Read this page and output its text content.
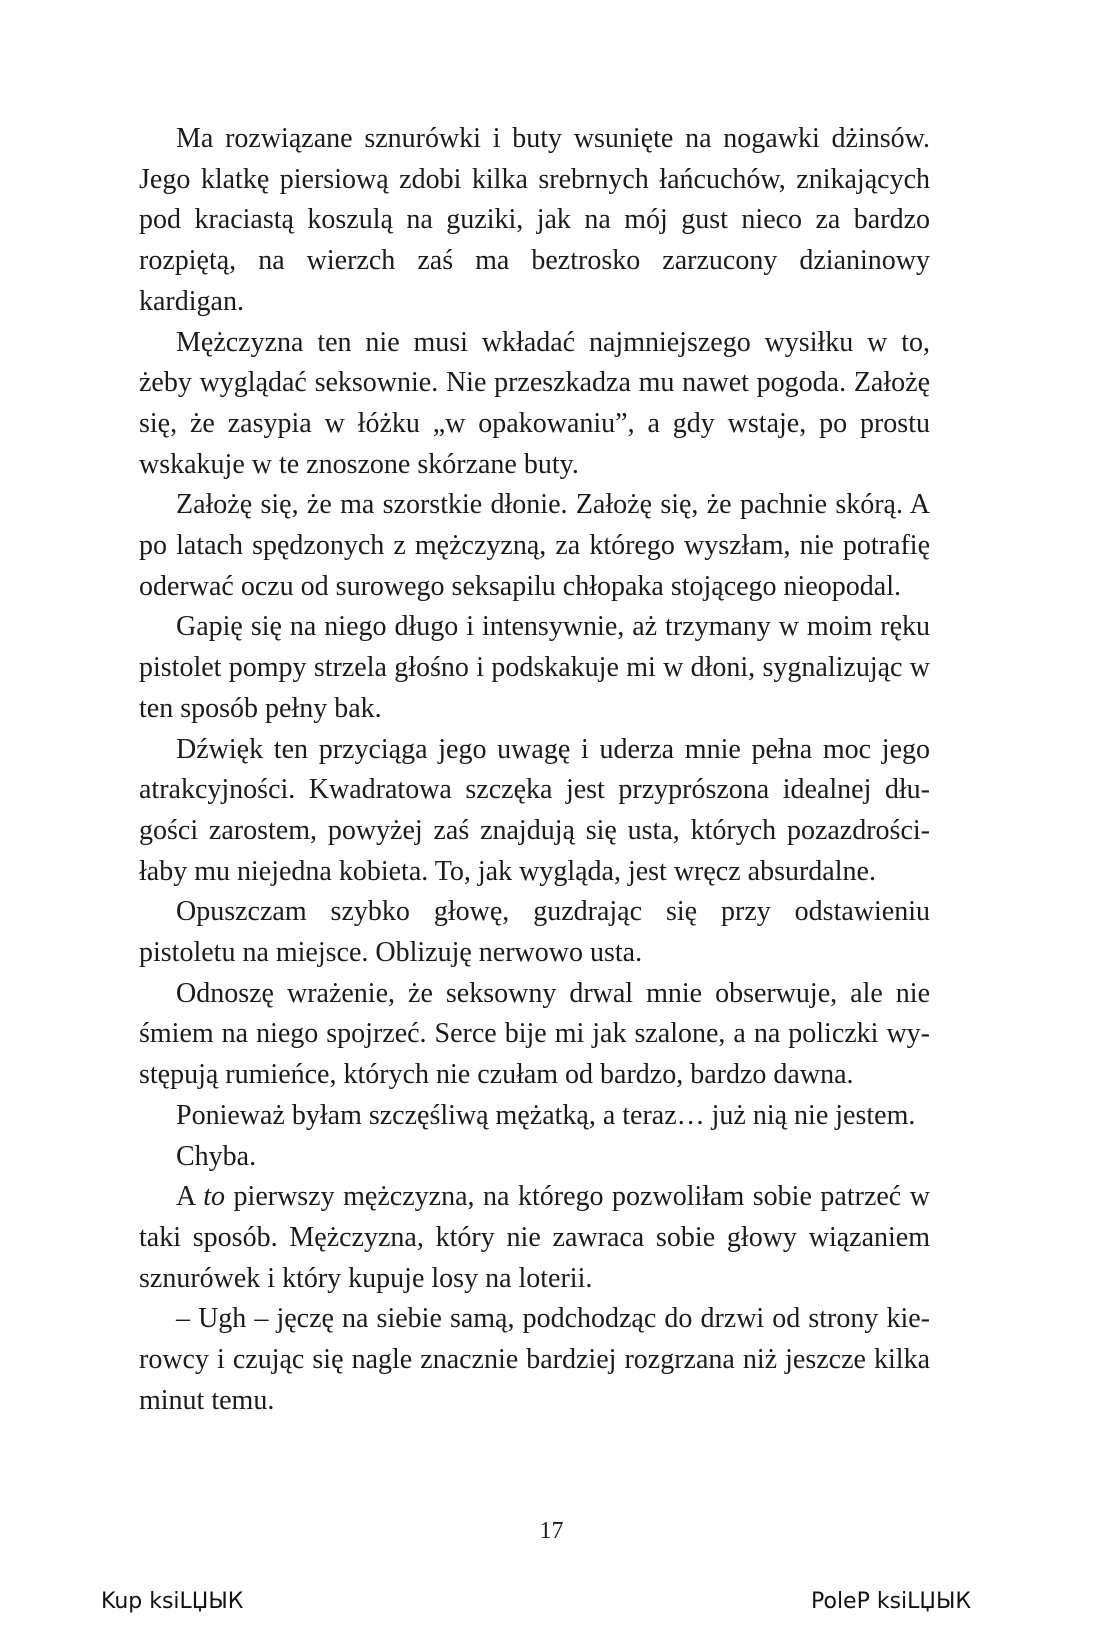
Ma rozwiązane sznurówki i buty wsunięte na nogawki dżinsów. Jego klatkę piersiową zdobi kilka srebrnych łańcuchów, znikających pod kraciastą koszulą na guziki, jak na mój gust nieco za bardzo rozpiętą, na wierzch zaś ma beztrosko zarzucony dzianinowy kardigan.

Mężczyzna ten nie musi wkładać najmniejszego wysiłku w to, żeby wyglądać seksownie. Nie przeszkadza mu nawet pogoda. Założę się, że zasypia w łóżku „w opakowaniu”, a gdy wstaje, po prostu wskakuje w te znoszone skórzane buty.

Założę się, że ma szorstkie dłonie. Założę się, że pachnie skórą. A po latach spędzonych z mężczyzną, za którego wyszłam, nie potrafię oderwać oczu od surowego seksapilu chłopaka stojącego nieopodal.

Gapię się na niego długo i intensywnie, aż trzymany w moim ręku pistolet pompy strzela głośno i podskakuje mi w dłoni, sygnalizując w ten sposób pełny bak.

Dźwięk ten przyciąga jego uwagę i uderza mnie pełna moc jego atrakcyjności. Kwadratowa szczęka jest przyprószona idealnej długości zarostem, powyżej zaś znajdują się usta, których pozazdrościłaby mu niejedna kobieta. To, jak wygląda, jest wręcz absurdalne.

Opuszczam szybko głowę, guzdrając się przy odstawieniu pistoletu na miejsce. Oblizuję nerwowo usta.

Odnoszę wrażenie, że seksowny drwal mnie obserwuje, ale nie śmiem na niego spojrzeć. Serce bije mi jak szalone, a na policzki występują rumieńce, których nie czułam od bardzo, bardzo dawna.

Ponieważ byłam szczęśliwą mężatką, a teraz… już nią nie jestem.

Chyba.

A to pierwszy mężczyzna, na którego pozwoliłam sobie patrzeć w taki sposób. Mężczyzna, który nie zawraca sobie głowy wiązaniem sznurówek i który kupuje losy na loterii.

– Ugh – jęczę na siebie samą, podchodząc do drzwi od strony kierowcy i czując się nagle znacznie bardziej rozgrzana niż jeszcze kilka minut temu.

17
Kup ksiLЏЫК	PoleP ksiLЏЫК
